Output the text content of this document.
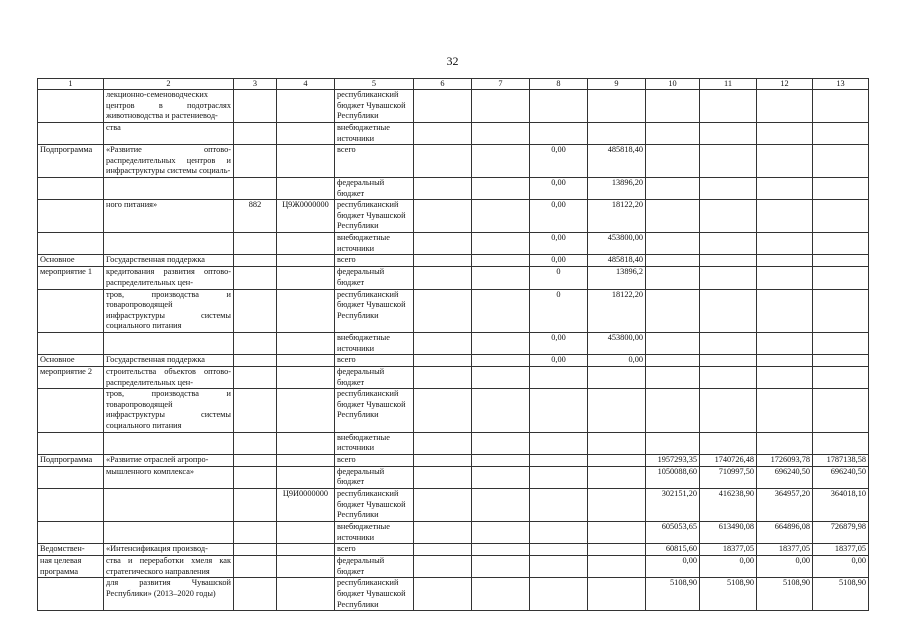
32
1	2	3	4	5	6	7	8	9	10	11	12	13
	лекционно-семеноводческих центров в подотраслях животноводства и растениевод-			республиканский бюджет Чувашской Республики								
	ства			внебюджетные источники								
Подпрограмма	«Развитие оптово-распределительных центров и инфраструктуры системы социаль-			всего			0,00	485818,40				
				федеральный бюджет			0,00	13896,20				
	ного питания»	882	Ц9Ж0000000	республиканский бюджет Чувашской Республики			0,00	18122,20				
				внебюджетные источники			0,00	453800,00				
Основное	Государственная поддержка			всего			0,00	485818,40				
мероприятие 1	кредитования развития оптово-распределительных цен-			федеральный бюджет			0	13896,2				
	тров, производства и товаропроводящей инфраструктуры системы социального питания			республиканский бюджет Чувашской Республики			0	18122,20				
				внебюджетные источники			0,00	453800,00				
Основное	Государственная поддержка			всего			0,00	0,00				
мероприятие 2	строительства объектов оптово-распределительных цен-			федеральный бюджет								
	тров, производства и товаропроводящей инфраструктуры системы социального питания			республиканский бюджет Чувашской Республики								
				внебюджетные источники								
Подпрограмма	«Развитие отраслей агропро-			всего					1957293,35	1740726,48	1726093,78	1787138,58
	мышленного комплекса»			федеральный бюджет					1050088,60	710997,50	696240,50	696240,50
			Ц9И0000000	республиканский бюджет Чувашской Республики					302151,20	416238,90	364957,20	364018,10
				внебюджетные источники					605053,65	613490,08	664896,08	726879,98
Ведомствен-	«Интенсификация производ-			всего					60815,60	18377,05	18377,05	18377,05
ная целевая программа	ства и переработки хмеля как стратегического направления			федеральный бюджет					0,00	0,00	0,00	0,00
	для развития Чувашской Республики» (2013–2020 годы)			республиканский бюджет Чувашской Республики					5108,90	5108,90	5108,90	5108,90
